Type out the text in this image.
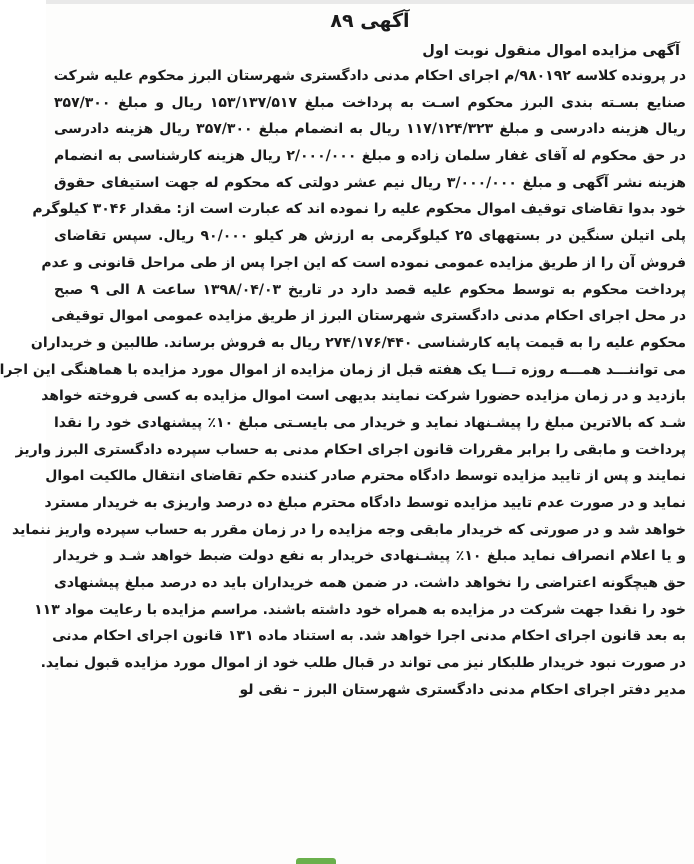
آگهی ۸۹

آگهی مزایده اموال منقول نوبت اول

در پرونده کلاسه ۹۸۰۱۹۲/م اجرای احکام مدنی دادگستری شهرستان البرز محکوم علیه شرکت
صنایع بسـته بندی البرز محکوم اسـت به پرداخت مبلغ ۱۵۳/۱۳۷/۵۱۷ ریال و مبلغ ۳۵۷/۳۰۰
ریال هزینه دادرسی و مبلغ ۱۱۷/۱۲۴/۳۲۳ ریال به انضمام مبلغ ۳۵۷/۳۰۰ ریال هزینه دادرسی
در حق محکوم له آقای غفار سلمان زاده و مبلغ ۲/۰۰۰/۰۰۰ ریال هزینه کارشناسی به انضمام
هزینه نشر آگهی و مبلغ ۳/۰۰۰/۰۰۰ ریال نیم عشر دولتی که محکوم له جهت استیفای حقوق
خود بدوا تقاضای توقیف اموال محکوم علیه را نموده اند که عبارت است از: مقدار ۳۰۴۶ کیلوگرم
پلی اتیلن سنگین در بستههای ۲۵ کیلوگرمی به ارزش هر کیلو ۹۰/۰۰۰ ریال. سپس تقاضای
فروش آن را از طریق مزایده عمومی نموده است که این اجرا پس از طی مراحل قانونی و عدم
پرداخت محکوم به توسط محکوم علیه قصد دارد در تاریخ ۱۳۹۸/۰۴/۰۳ ساعت ۸ الی ۹ صبح
در محل اجرای احکام مدنی دادگستری شهرستان البرز از طریق مزایده عمومی اموال توقیفی
محکوم علیه را به قیمت پایه کارشناسی ۲۷۴/۱۷۶/۴۴۰ ریال به فروش برساند. طالبین و خریداران
می تواننـــد همـــه روزه تـــا یک هفته قبل از زمان مزایده از اموال مورد مزایده با هماهنگی این اجرا
بازدید و در زمان مزایده حضورا شرکت نمایند بدیهی است اموال مزایده به کسی فروخته خواهد
شـد که بالاترین مبلغ را پیشـنهاد نماید و خریدار می بایسـتی مبلغ ۱۰٪ پیشنهادی خود را نقدا
پرداخت و مابقی را برابر مقررات قانون اجرای احکام مدنی به حساب سپرده دادگستری البرز واریز
نمایند و پس از تایید مزایده توسط دادگاه محترم صادر کننده حکم تقاضای انتقال مالکیت اموال
نماید و در صورت عدم تایید مزایده توسط دادگاه محترم مبلغ ده درصد واریزی به خریدار مسترد
خواهد شد و در صورتی که خریدار مابقی وجه مزایده را در زمان مقرر به حساب سپرده واریز ننماید
و یا اعلام انصراف نماید مبلغ ۱۰٪ پیشـنهادی خریدار به نفع دولت ضبط خواهد شـد و خریدار
حق هیچگونه اعتراضی را نخواهد داشت. در ضمن همه خریداران باید ده درصد مبلغ پیشنهادی
خود را نقدا جهت شرکت در مزایده به همراه خود داشته باشند. مراسم مزایده با رعایت مواد ۱۱۳
به بعد قانون اجرای احکام مدنی اجرا خواهد شد. به استناد ماده ۱۳۱ قانون اجرای احکام مدنی
در صورت نبود خریدار طلبکار نیز می تواند در قبال طلب خود از اموال مورد مزایده قبول نماید.
مدیر دفتر اجرای احکام مدنی دادگستری شهرستان البرز – نقی لو
